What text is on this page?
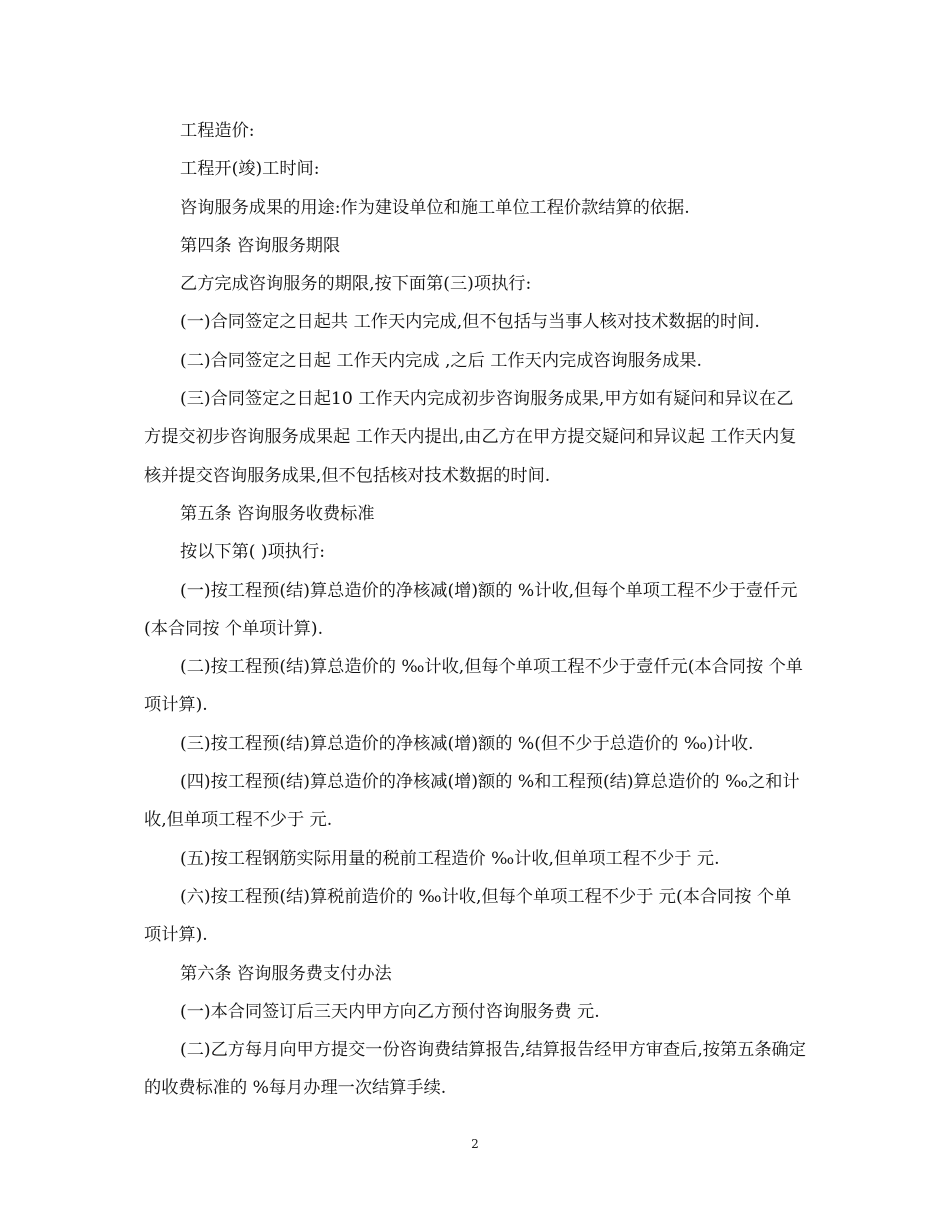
工程造价:

工程开(竣)工时间:

咨询服务成果的用途:作为建设单位和施工单位工程价款结算的依据.

第四条 咨询服务期限

乙方完成咨询服务的期限,按下面第(三)项执行:

(一)合同签定之日起共 工作天内完成,但不包括与当事人核对技术数据的时间.

(二)合同签定之日起 工作天内完成 ,之后 工作天内完成咨询服务成果.

(三)合同签定之日起10 工作天内完成初步咨询服务成果,甲方如有疑问和异议在乙方提交初步咨询服务成果起 工作天内提出,由乙方在甲方提交疑问和异议起 工作天内复核并提交咨询服务成果,但不包括核对技术数据的时间.

第五条 咨询服务收费标准

按以下第( )项执行:

(一)按工程预(结)算总造价的净核减(增)额的 %计收,但每个单项工程不少于壹仟元(本合同按 个单项计算).

(二)按工程预(结)算总造价的 ‰计收,但每个单项工程不少于壹仟元(本合同按 个单项计算).

(三)按工程预(结)算总造价的净核减(增)额的 %(但不少于总造价的 ‰)计收.

(四)按工程预(结)算总造价的净核减(增)额的 %和工程预(结)算总造价的 ‰之和计收,但单项工程不少于 元.

(五)按工程钢筋实际用量的税前工程造价 ‰计收,但单项工程不少于 元.

(六)按工程预(结)算税前造价的 ‰计收,但每个单项工程不少于 元(本合同按 个单项计算).

第六条 咨询服务费支付办法

(一)本合同签订后三天内甲方向乙方预付咨询服务费 元.

(二)乙方每月向甲方提交一份咨询费结算报告,结算报告经甲方审查后,按第五条确定的收费标准的 %每月办理一次结算手续.

2
